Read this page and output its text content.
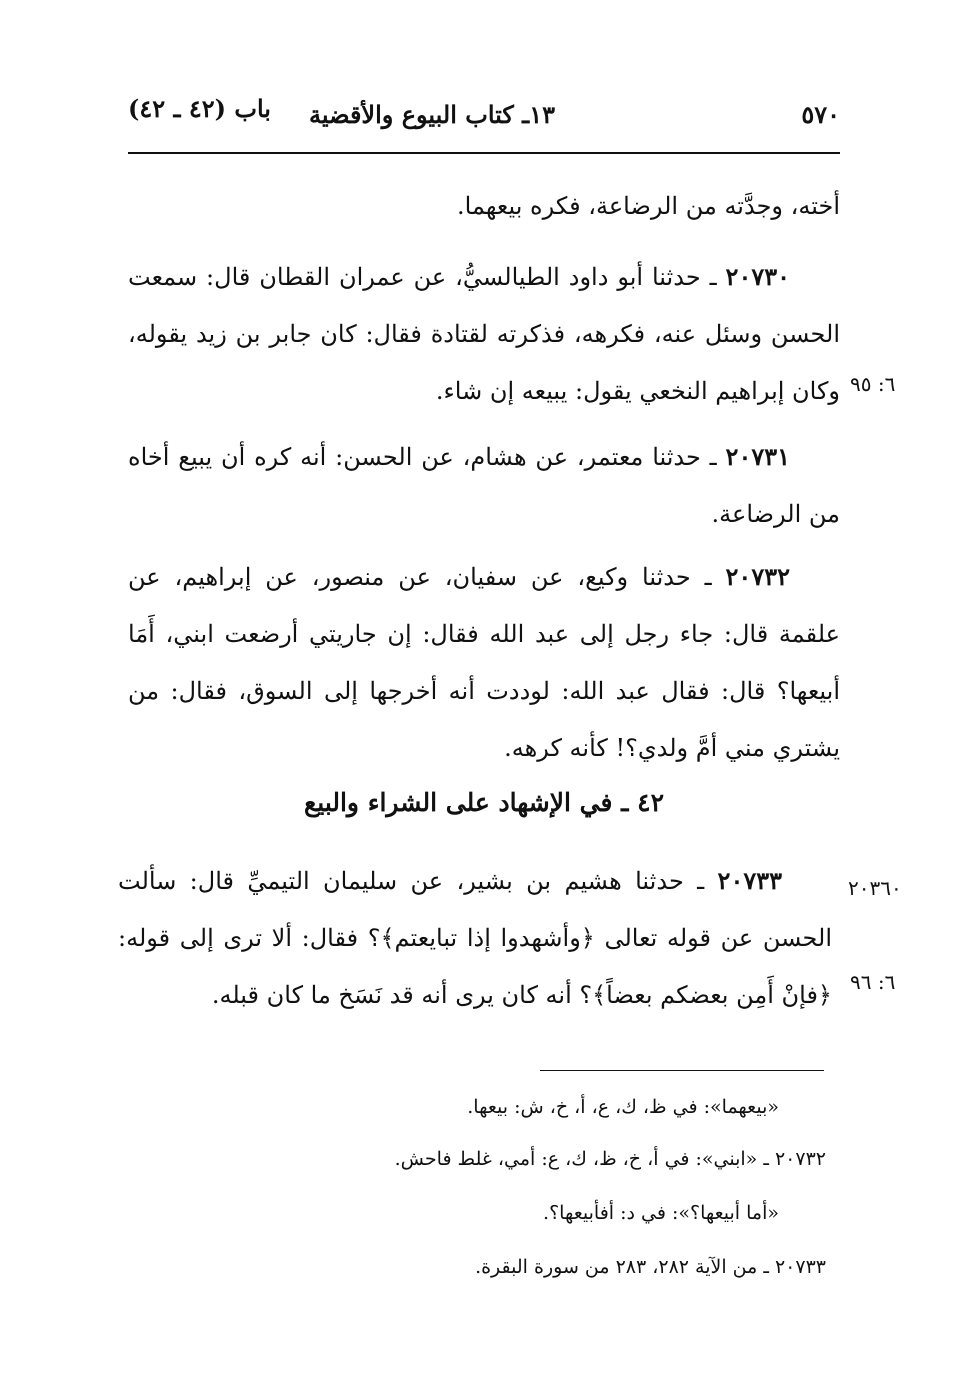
٥٧٠
١٣ـ كتاب البيوع والأقضية
باب (٤٢ ـ ٤٢)
أخته، وجدَّته من الرضاعة، فكره بيعهما.
٢٠٧٣٠ ـ حدثنا أبو داود الطيالسيُّ، عن عمران القطان قال: سمعت الحسن وسئل عنه، فكرهه، فذكرته لقتادة فقال: كان جابر بن زيد يقوله، وكان إبراهيم النخعي يقول: يبيعه إن شاء. ٦: ٩٥
٢٠٧٣١ ـ حدثنا معتمر، عن هشام، عن الحسن: أنه كره أن يبيع أخاه من الرضاعة.
٢٠٧٣٢ ـ حدثنا وكيع، عن سفيان، عن منصور، عن إبراهيم، عن علقمة قال: جاء رجل إلى عبد الله فقال: إن جاريتي أرضعت ابني، أَمَا أبيعها؟ قال: فقال عبد الله: لوددت أنه أخرجها إلى السوق، فقال: من يشتري مني أمَّ ولدي؟! كأنه كرهه.
٤٢ ـ في الإشهاد على الشراء والبيع
٢٠٧٣٣ ـ حدثنا هشيم بن بشير، عن سليمان التيميِّ قال: سألت الحسن عن قوله تعالى ﴿وأشهدوا إذا تبايعتم﴾؟ فقال: ألا ترى إلى قوله: ﴿فإنْ أَمِن بعضكم بعضاً﴾؟ أنه كان يرى أنه قد نَسَخ ما كان قبله.
٢٠٣٦٠
٦: ٩٦
«بيعهما»: في ظ، ك، ع، أ، خ، ش: بيعها.
٢٠٧٣٢ ـ «ابني»: في أ، خ، ظ، ك، ع: أمي، غلط فاحش.
«أما أبيعها؟»: في د: أفأبيعها؟.
٢٠٧٣٣ ـ من الآية ٢٨٢، ٢٨٣ من سورة البقرة.
